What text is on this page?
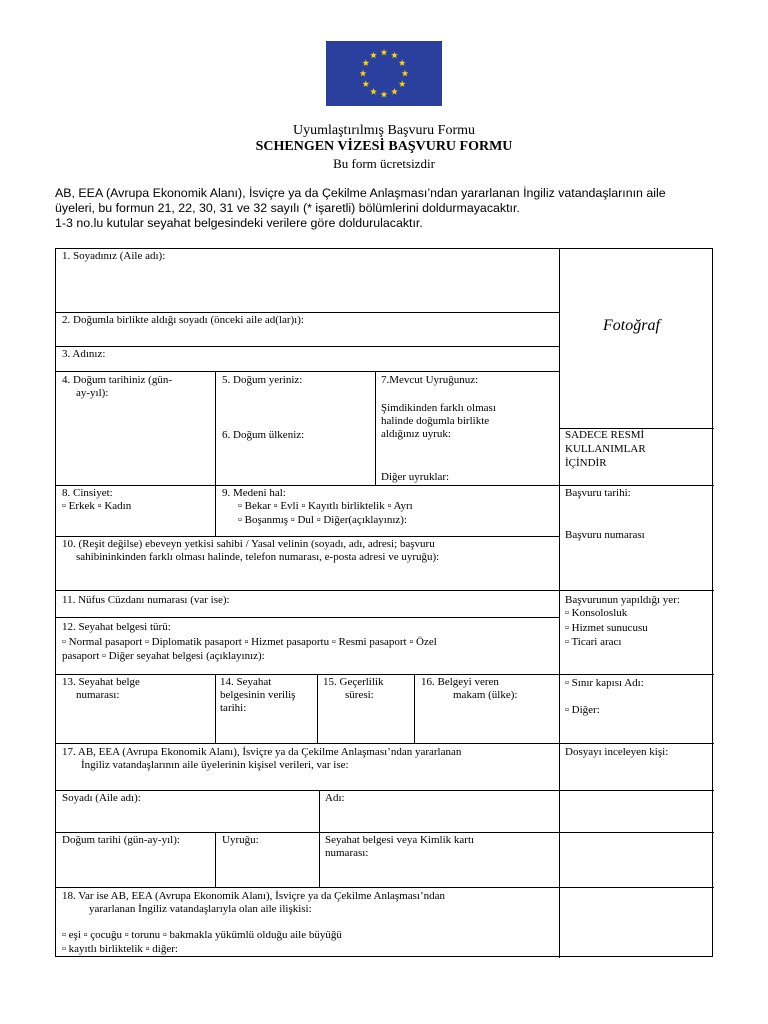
Uyumlaştırılmış Başvuru Formu
SCHENGEN VİZESİ BAŞVURU FORMU
Bu form ücretsizdir
AB, EEA (Avrupa Ekonomik Alanı), İsviçre ya da Çekilme Anlaşması’ndan yararlanan İngiliz vatandaşlarının aile
üyeleri, bu formun 21, 22, 30, 31 ve 32 sayılı (* işaretli) bölümlerini doldurmayacaktır.
1-3 no.lu kutular seyahat belgesindeki verilere göre doldurulacaktır.
1. Soyadınız (Aile adı):
2. Doğumla birlikte aldığı soyadı (önceki aile ad(lar)ı):
3. Adınız:
4. Doğum tarihiniz (gün-
ay-yıl):
5. Doğum yeriniz:
6. Doğum ülkeniz:
7.Mevcut Uyruğunuz:
Şimdikinden farklı olması
halinde doğumla birlikte
aldığınız uyruk:
Diğer uyruklar:
8. Cinsiyet:
▫ Erkek ▫ Kadın
9. Medeni hal:
▫ Bekar ▫ Evli ▫ Kayıtlı birliktelik ▫ Ayrı
▫ Boşanmış ▫ Dul ▫ Diğer(açıklayınız):
10. (Reşit değilse) ebeveyn yetkisi sahibi / Yasal velinin (soyadı, adı, adresi; başvuru
sahibininkinden farklı olması halinde, telefon numarası, e-posta adresi ve uyruğu):
11. Nüfus Cüzdanı numarası (var ise):
12. Seyahat belgesi türü:
▫ Normal pasaport ▫ Diplomatik pasaport ▫ Hizmet pasaportu ▫ Resmi pasaport ▫ Özel
pasaport ▫ Diğer seyahat belgesi (açıklayınız):
13. Seyahat belge
numarası:
14. Seyahat
belgesinin veriliş
tarihi:
15. Geçerlilik
süresi:
16. Belgeyi veren
makam (ülke):
17. AB, EEA (Avrupa Ekonomik Alanı), İsviçre ya da Çekilme Anlaşması’ndan yararlanan
İngiliz vatandaşlarının aile üyelerinin kişisel verileri, var ise:
Soyadı (Aile adı):	Adı:
Doğum tarihi (gün-ay-yıl):	Uyruğu:	Seyahat belgesi veya Kimlik kartı
numarası:
18. Var ise AB, EEA (Avrupa Ekonomik Alanı), İsviçre ya da Çekilme Anlaşması’ndan
yararlanan İngiliz vatandaşlarıyla olan aile ilişkisi:
▫ eşi ▫ çocuğu ▫ torunu ▫ bakmakla yükümlü olduğu aile büyüğü
▫ kayıtlı birliktelik ▫ diğer:
Fotoğraf
SADECE RESMİ
KULLANIMLAR
İÇİNDİR
Başvuru tarihi:
Başvuru numarası
Başvurunun yapıldığı yer:
▫ Konsolosluk
▫ Hizmet sunucusu
▫ Ticari aracı
▫ Sınır kapısı Adı:
▫ Diğer:
Dosyayı inceleyen kişi:
